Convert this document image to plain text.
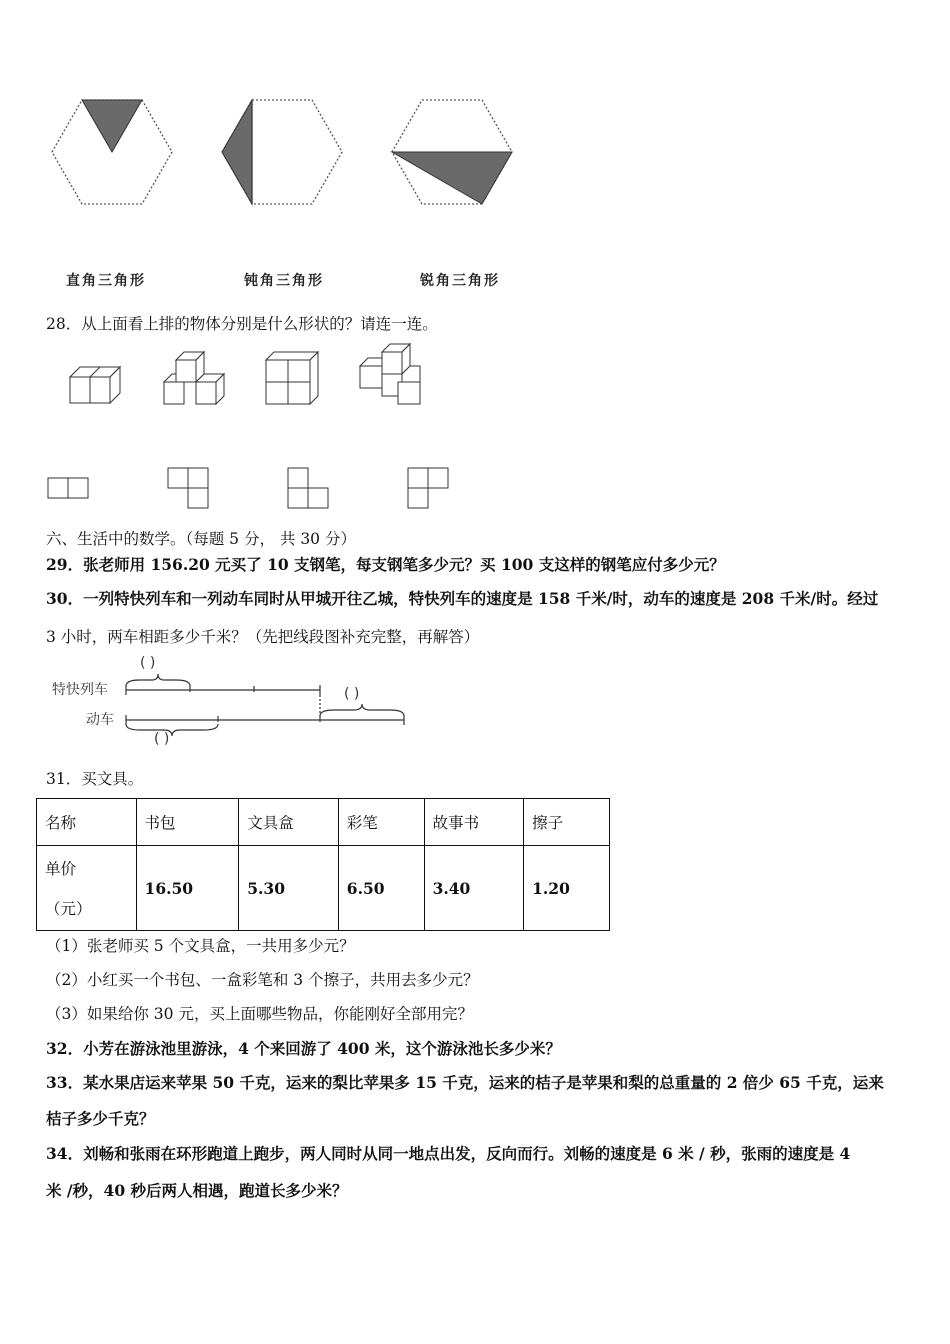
直角三角形	钝角三角形	锐角三角形
28．从上面看上排的物体分别是什么形状的？请连一连。
六、生活中的数学。（每题 5 分， 共 30 分）
29．张老师用 156.20 元买了 10 支钢笔，每支钢笔多少元？买 100 支这样的钢笔应付多少元？
30．一列特快列车和一列动车同时从甲城开往乙城，特快列车的速度是 158 千米/时，动车的速度是 208 千米/时。经过
3 小时，两车相距多少千米？（先把线段图补充完整，再解答）
特快列车
动车
( )
( )
( )
31．买文具。
名称	书包	文具盒	彩笔	故事书	擦子

单价
（元）	16.50	5.30	6.50	3.40	1.20
（1）张老师买 5 个文具盒，一共用多少元？
（2）小红买一个书包、一盒彩笔和 3 个擦子，共用去多少元？
（3）如果给你 30 元，买上面哪些物品，你能刚好全部用完？
32．小芳在游泳池里游泳，4 个来回游了 400 米，这个游泳池长多少米？
33．某水果店运来苹果 50 千克，运来的梨比苹果多 15 千克，运来的桔子是苹果和梨的总重量的 2 倍少 65 千克，运来
桔子多少千克？
34．刘畅和张雨在环形跑道上跑步，两人同时从同一地点出发，反向而行。刘畅的速度是 6 米 / 秒，张雨的速度是 4
米 /秒，40 秒后两人相遇，跑道长多少米？
